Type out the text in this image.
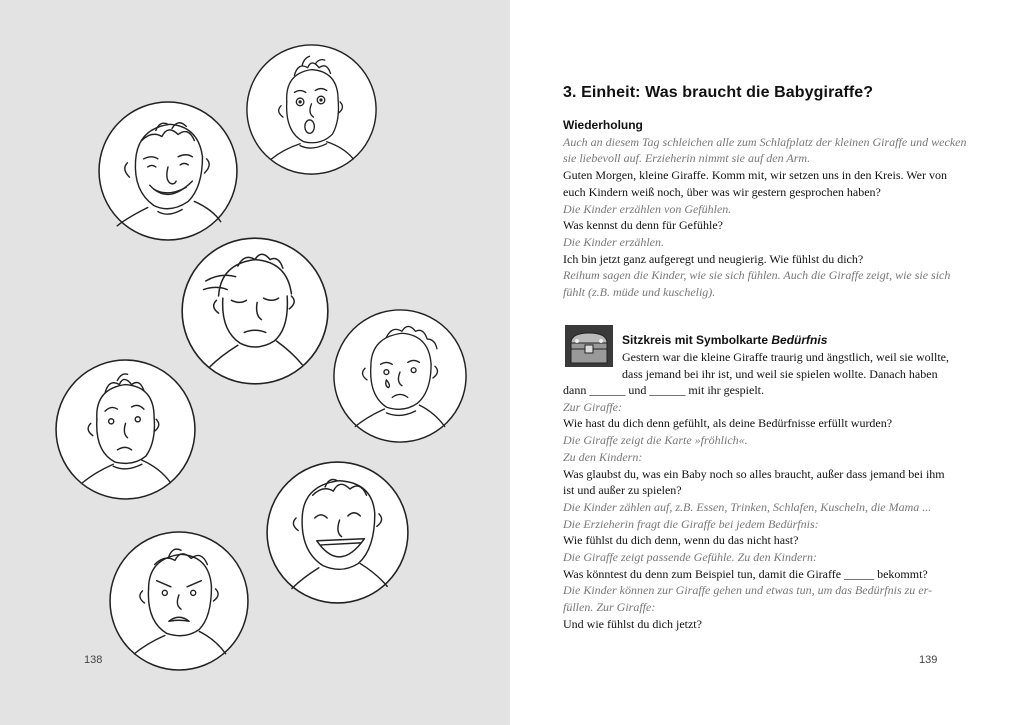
138
3. Einheit: Was braucht die Babygiraffe?
Wiederholung
Auch an diesem Tag schleichen alle zum Schlafplatz der kleinen Giraffe und wecken
sie liebevoll auf. Erzieherin nimmt sie auf den Arm.
Guten Morgen, kleine Giraffe. Komm mit, wir setzen uns in den Kreis. Wer von
euch Kindern weiß noch, über was wir gestern gesprochen haben?
Die Kinder erzählen von Gefühlen.
Was kennst du denn für Gefühle?
Die Kinder erzählen.
Ich bin jetzt ganz aufgeregt und neugierig. Wie fühlst du dich?
Reihum sagen die Kinder, wie sie sich fühlen. Auch die Giraffe zeigt, wie sie sich
fühlt (z.B. müde und kuschelig).
Sitzkreis mit Symbolkarte Bedürfnis
Gestern war die kleine Giraffe traurig und ängstlich, weil sie wollte,
dass jemand bei ihr ist, und weil sie spielen wollte. Danach haben
dann ______ und ______ mit ihr gespielt.
Zur Giraffe:
Wie hast du dich denn gefühlt, als deine Bedürfnisse erfüllt wurden?
Die Giraffe zeigt die Karte »fröhlich«.
Zu den Kindern:
Was glaubst du, was ein Baby noch so alles braucht, außer dass jemand bei ihm
ist und außer zu spielen?
Die Kinder zählen auf, z.B. Essen, Trinken, Schlafen, Kuscheln, die Mama ...
Die Erzieherin fragt die Giraffe bei jedem Bedürfnis:
Wie fühlst du dich denn, wenn du das nicht hast?
Die Giraffe zeigt passende Gefühle. Zu den Kindern:
Was könntest du denn zum Beispiel tun, damit die Giraffe _____ bekommt?
Die Kinder können zur Giraffe gehen und etwas tun, um das Bedürfnis zu er-
füllen. Zur Giraffe:
Und wie fühlst du dich jetzt?
139
